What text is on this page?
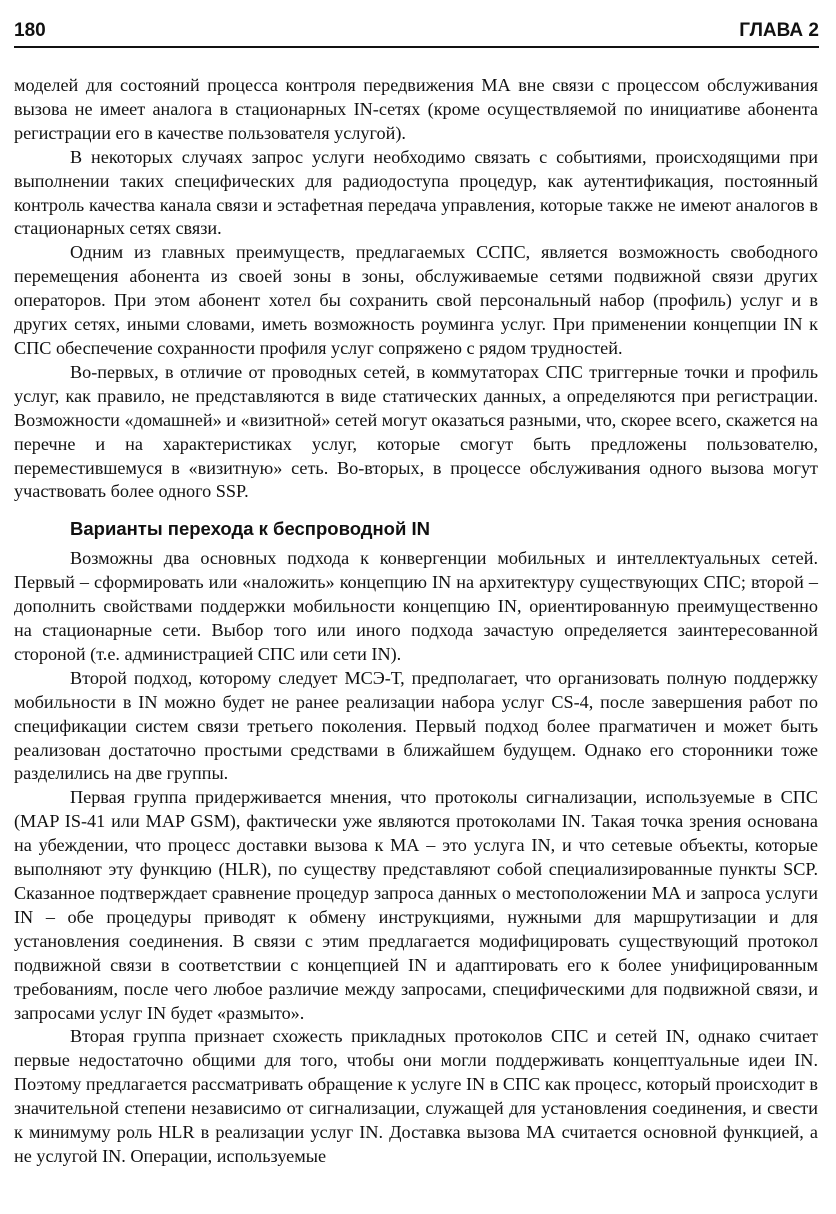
180	ГЛАВА 2

моделей для состояний процесса контроля передвижения МА вне связи с процессом обслуживания вызова не имеет аналога в стационарных IN-сетях (кроме осуществляемой по инициативе абонента регистрации его в качестве пользователя услугой).

В некоторых случаях запрос услуги необходимо связать с событиями, происходящими при выполнении таких специфических для радиодоступа процедур, как аутентификация, постоянный контроль качества канала связи и эстафетная передача управления, которые также не имеют аналогов в стационарных сетях связи.

Одним из главных преимуществ, предлагаемых ССПС, является возможность свободного перемещения абонента из своей зоны в зоны, обслуживаемые сетями подвижной связи других операторов. При этом абонент хотел бы сохранить свой персональный набор (профиль) услуг и в других сетях, иными словами, иметь возможность роуминга услуг. При применении концепции IN к СПС обеспечение сохранности профиля услуг сопряжено с рядом трудностей.

Во-первых, в отличие от проводных сетей, в коммутаторах СПС триггерные точки и профиль услуг, как правило, не представляются в виде статических данных, а определяются при регистрации. Возможности «домашней» и «визитной» сетей могут оказаться разными, что, скорее всего, скажется на перечне и на характеристиках услуг, которые смогут быть предложены пользователю, переместившемуся в «визитную» сеть. Во-вторых, в процессе обслуживания одного вызова могут участвовать более одного SSP.

Варианты перехода к беспроводной IN

Возможны два основных подхода к конвергенции мобильных и интеллектуальных сетей. Первый – сформировать или «наложить» концепцию IN на архитектуру существующих СПС; второй – дополнить свойствами поддержки мобильности концепцию IN, ориентированную преимущественно на стационарные сети. Выбор того или иного подхода зачастую определяется заинтересованной стороной (т.е. администрацией СПС или сети IN).

Второй подход, которому следует МСЭ-Т, предполагает, что организовать полную поддержку мобильности в IN можно будет не ранее реализации набора услуг CS-4, после завершения работ по спецификации систем связи третьего поколения. Первый подход более прагматичен и может быть реализован достаточно простыми средствами в ближайшем будущем. Однако его сторонники тоже разделились на две группы.

Первая группа придерживается мнения, что протоколы сигнализации, используемые в СПС (MAP IS-41 или MAP GSM), фактически уже являются протоколами IN. Такая точка зрения основана на убеждении, что процесс доставки вызова к МА – это услуга IN, и что сетевые объекты, которые выполняют эту функцию (HLR), по существу представляют собой специализированные пункты SCP. Сказанное подтверждает сравнение процедур запроса данных о местоположении МА и запроса услуги IN – обе процедуры приводят к обмену инструкциями, нужными для маршрутизации и для установления соединения. В связи с этим предлагается модифицировать существующий протокол подвижной связи в соответствии с концепцией IN и адаптировать его к более унифицированным требованиям, после чего любое различие между запросами, специфическими для подвижной связи, и запросами услуг IN будет «размыто».

Вторая группа признает схожесть прикладных протоколов СПС и сетей IN, однако считает первые недостаточно общими для того, чтобы они могли поддерживать концептуальные идеи IN. Поэтому предлагается рассматривать обращение к услуге IN в СПС как процесс, который происходит в значительной степени независимо от сигнализации, служащей для установления соединения, и свести к минимуму роль HLR в реализации услуг IN. Доставка вызова МА считается основной функцией, а не услугой IN. Операции, используемые
